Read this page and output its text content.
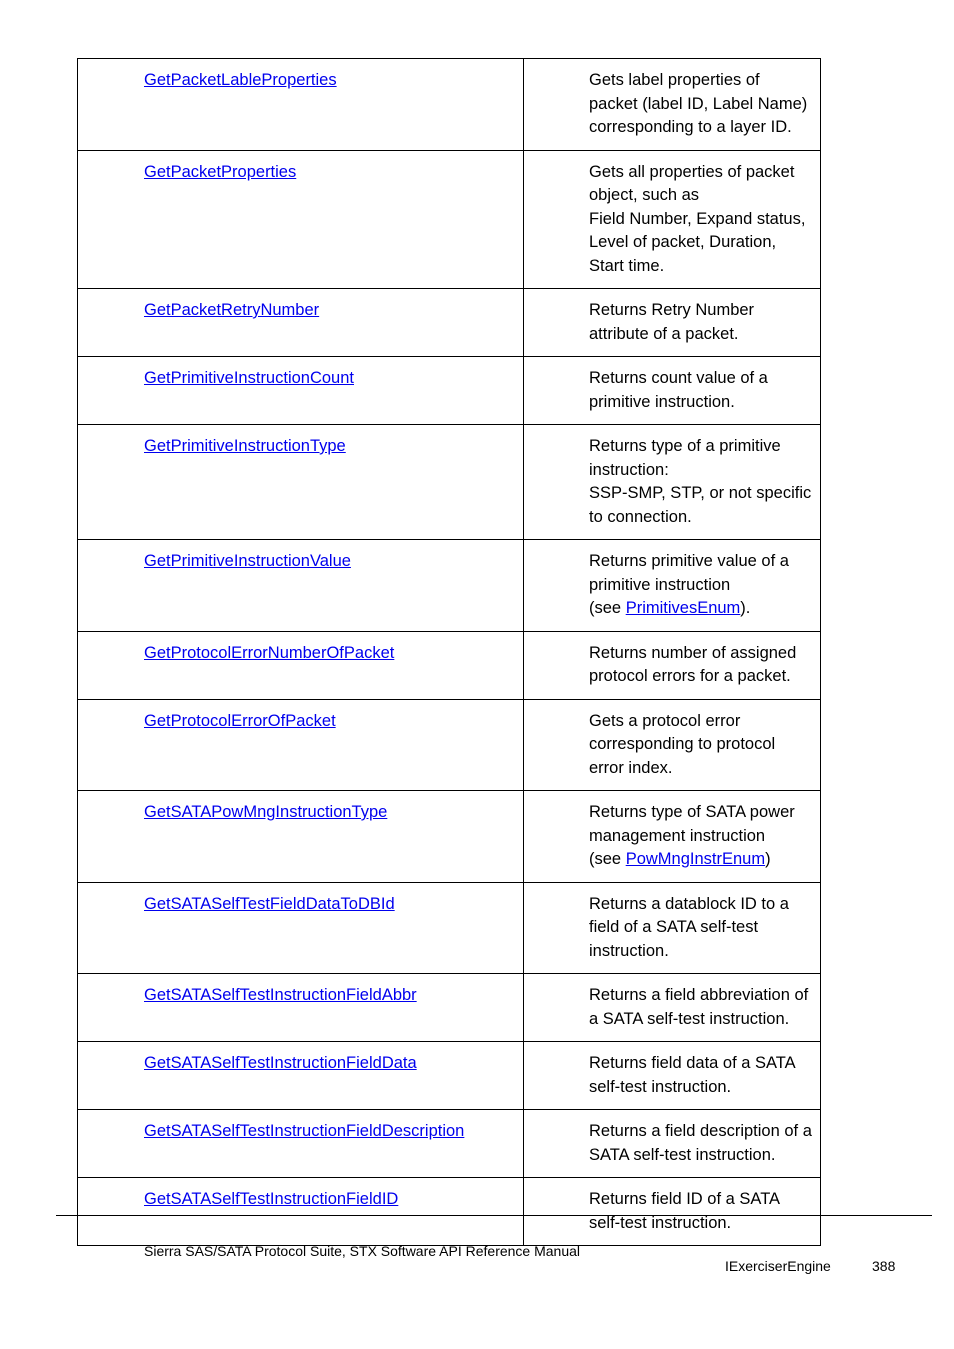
GetPacketLableProperties	Gets label properties of packet (label ID, Label Name) corresponding to a layer ID.

GetPacketProperties	Gets all properties of packet object, such as
Field Number, Expand status, Level of packet, Duration, Start time.

GetPacketRetryNumber	Returns Retry Number attribute of a packet.

GetPrimitiveInstructionCount	Returns count value of a primitive instruction.

GetPrimitiveInstructionType	Returns type of a primitive instruction:
SSP-SMP, STP, or not specific to connection.

GetPrimitiveInstructionValue	Returns primitive value of a primitive instruction
(see PrimitivesEnum).

GetProtocolErrorNumberOfPacket	Returns number of assigned protocol errors for a packet.

GetProtocolErrorOfPacket	Gets a protocol error corresponding to protocol error index.

GetSATAPowMngInstructionType	Returns type of SATA power management instruction
(see PowMngInstrEnum)

GetSATASelfTestFieldDataToDBId	Returns a datablock ID to a field of a SATA self-test instruction.

GetSATASelfTestInstructionFieldAbbr	Returns a field abbreviation of a SATA self-test instruction.

GetSATASelfTestInstructionFieldData	Returns field data of a SATA self-test instruction.

GetSATASelfTestInstructionFieldDescription	Returns a field description of a SATA self-test instruction.

GetSATASelfTestInstructionFieldID	Returns field ID of a SATA self-test instruction.
Sierra SAS/SATA Protocol Suite, STX Software API Reference Manual
IExerciserEngine	388
